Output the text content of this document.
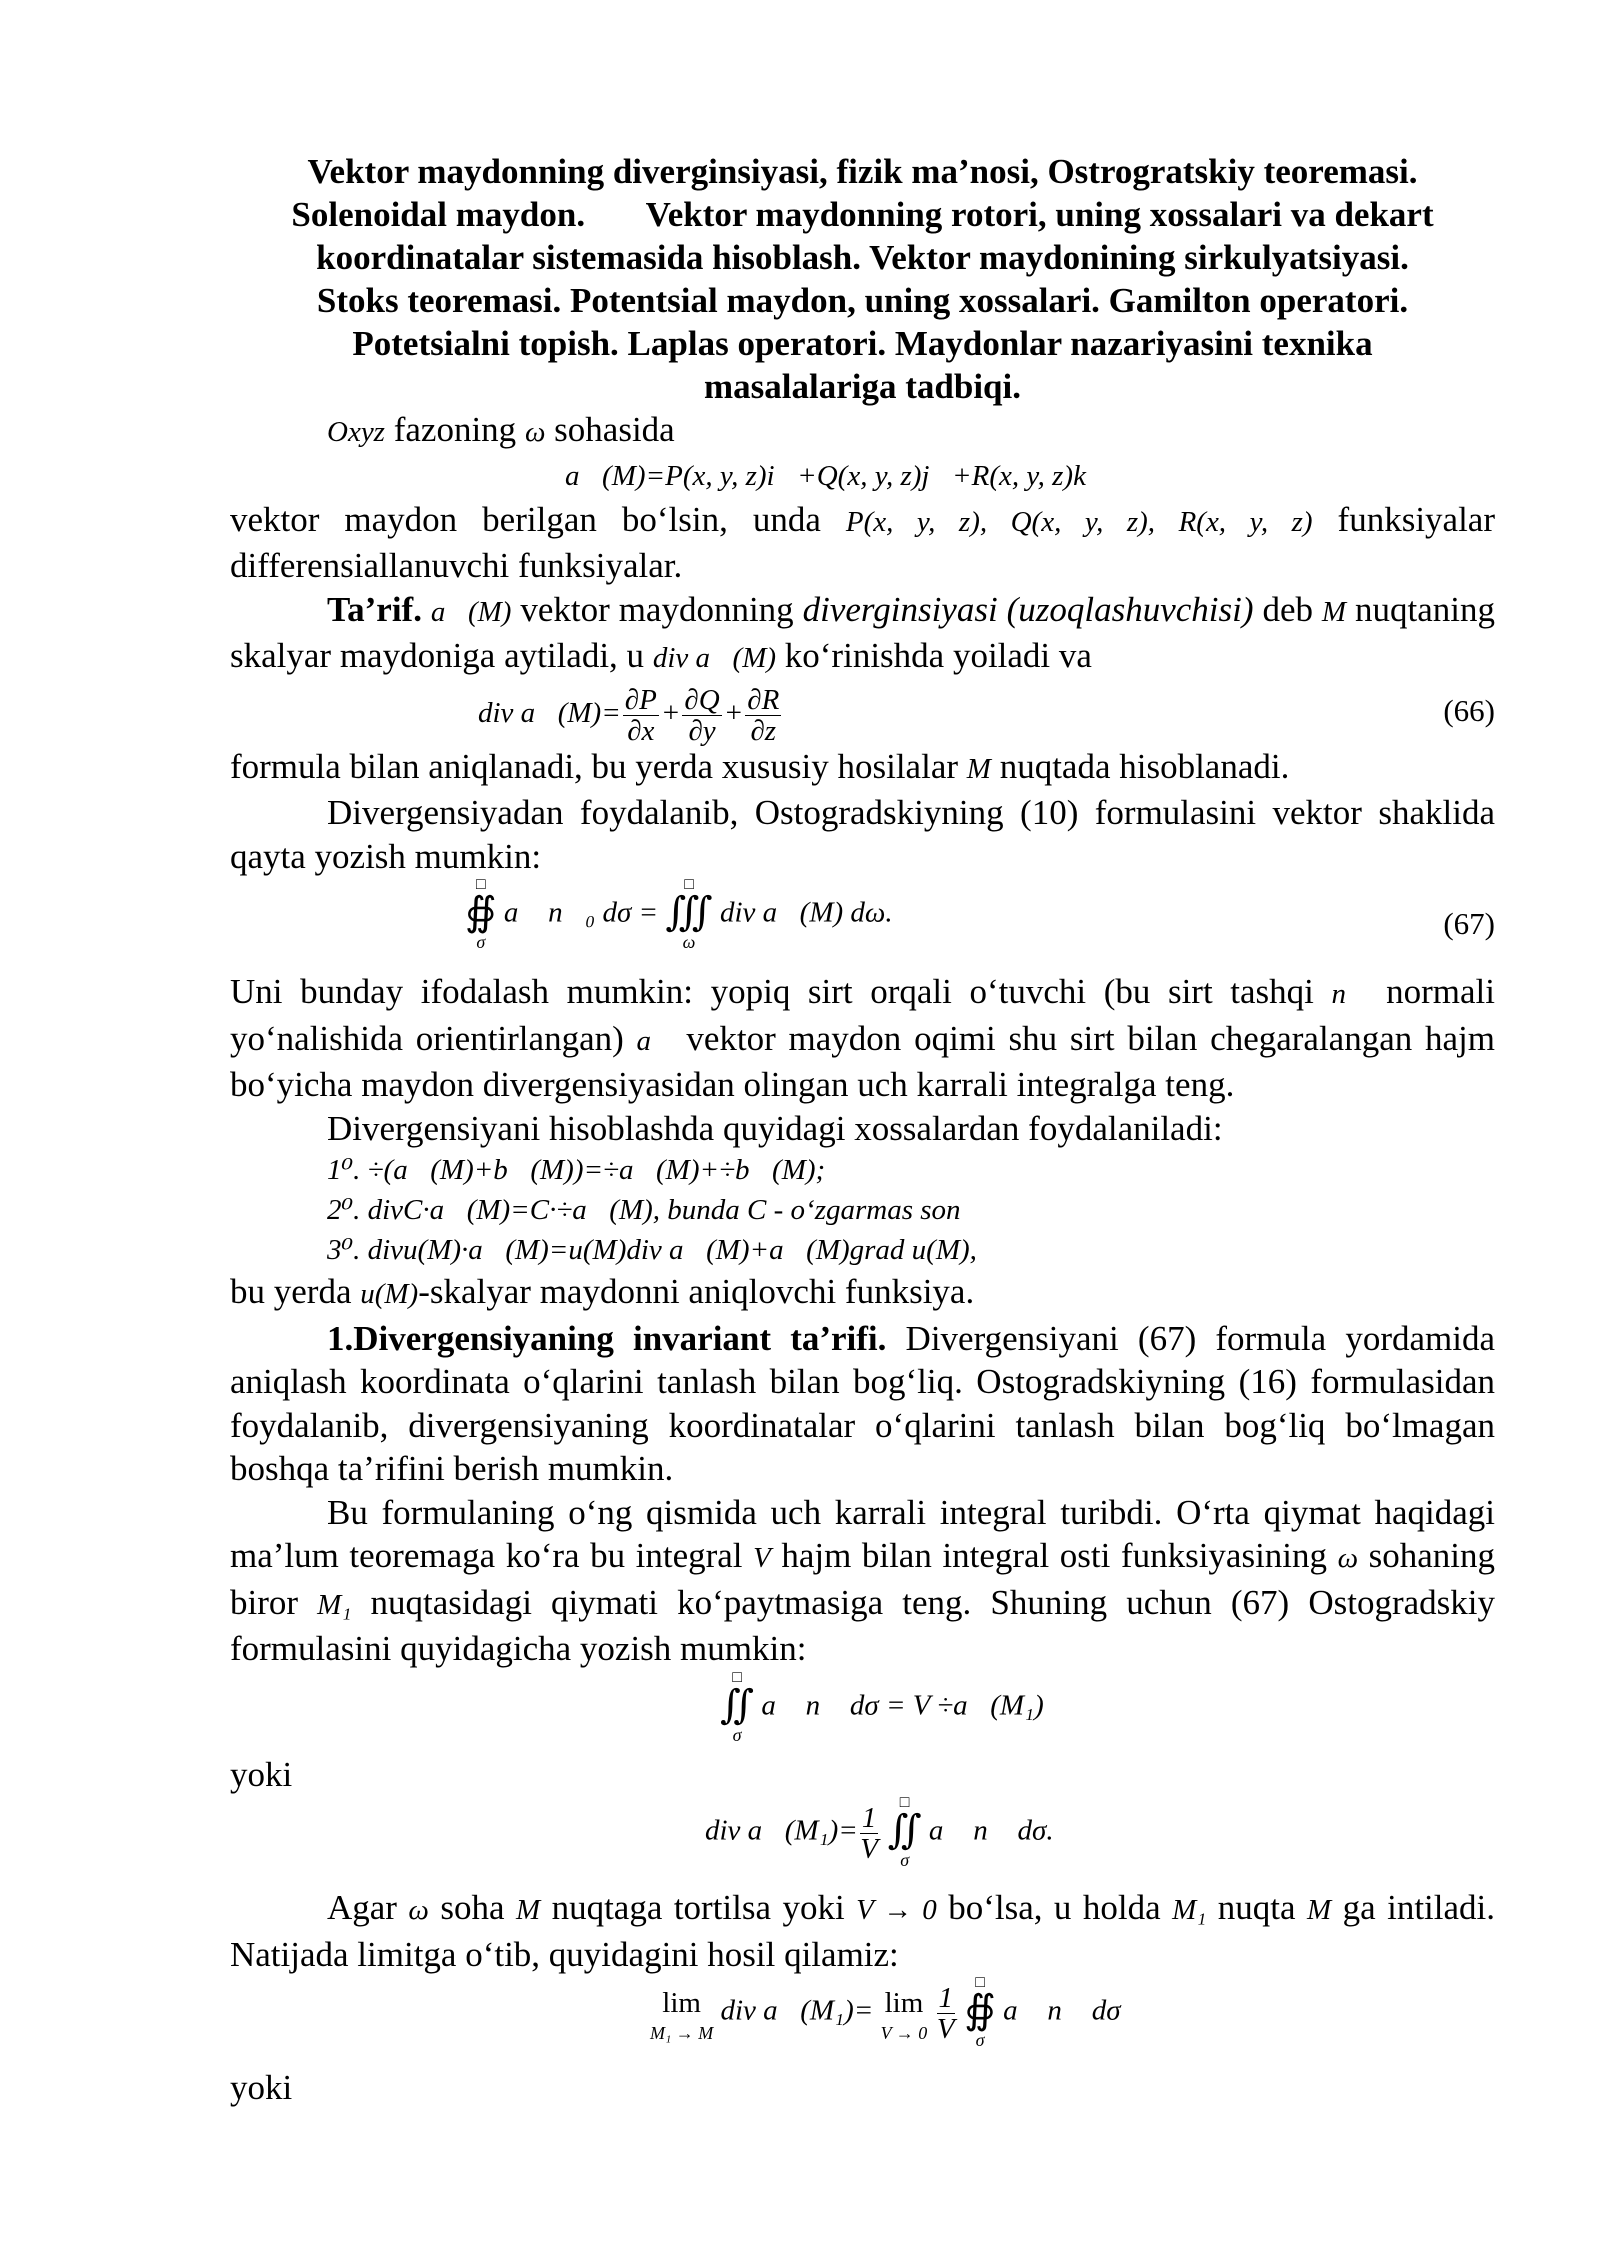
Vektor maydonning diverginsiyasi, fizik ma’nosi, Ostrogratskiy teoremasi.
Solenoidal maydon.       Vektor maydonning rotori, uning xossalari va dekart
koordinatalar sistemasida hisoblash. Vektor maydonining sirkulyatsiyasi.
Stoks teoremasi. Potentsial maydon, uning xossalari. Gamilton operatori.
Potetsialni topish. Laplas operatori. Maydonlar nazariyasini texnika
masalalariga tadbiqi.

Oxyz fazoning ω sohasida

a⃗(M)=P(x, y, z)i⃗+Q(x, y, z)j⃗+R(x, y, z)k⃗

vektor maydon berilgan bo‘lsin, unda P(x, y, z), Q(x, y, z), R(x, y, z) funksiyalar differensiallanuvchi funksiyalar.

Ta’rif. a⃗(M) vektor maydonning diverginsiyasi (uzoqlashuvchisi) deb M nuqtaning skalyar maydoniga aytiladi, u div a⃗(M) ko‘rinishda yoiladi va

div a⃗(M)= $\frac{\partial P}{\partial x} + \frac{\partial Q}{\partial y} + \frac{\partial R}{\partial z}$	(66)

formula bilan aniqlanadi, bu yerda xususiy hosilalar M nuqtada hisoblanadi.

Divergensiyadan foydalanib, Ostogradskiyning (10) formulasini vektor shaklida qayta yozish mumkin:

□
∯
σ
a⃗ n⃗₀ dσ =
□
∭
ω
div a⃗(M) dω.	(67)

Uni bunday ifodalash mumkin: yopiq sirt orqali o‘tuvchi (bu sirt tashqi n⃗ normali yo‘nalishida orientirlangan) a⃗ vektor maydon oqimi shu sirt bilan chegaralangan hajm bo‘yicha maydon divergensiyasidan olingan uch karrali integralga teng.

Divergensiyani hisoblashda quyidagi xossalardan foydalaniladi:

1⁰. ÷(a⃗(M)+b⃗(M))=÷a⃗(M)+÷b⃗(M);
2⁰. divC·a⃗(M)=C·÷a⃗(M), bunda C - o‘zgarmas son
3⁰. divu(M)·a⃗(M)=u(M)div a⃗(M)+a⃗(M)grad u(M),

bu yerda u(M)-skalyar maydonni aniqlovchi funksiya.

1.Divergensiyaning invariant ta’rifi. Divergensiyani (67) formula yordamida aniqlash koordinata o‘qlarini tanlash bilan bog‘liq. Ostogradskiyning (16) formulasidan foydalanib, divergensiyaning koordinatalar o‘qlarini tanlash bilan bog‘liq bo‘lmagan boshqa ta’rifini berish mumkin.

Bu formulaning o‘ng qismida uch karrali integral turibdi. O‘rta qiymat haqidagi ma’lum teoremaga ko‘ra bu integral V hajm bilan integral osti funksiyasining ω sohaning biror M₁ nuqtasidagi qiymati ko‘paytmasiga teng. Shuning uchun (67) Ostogradskiy formulasini quyidagicha yozish mumkin:

□
∬
σ
a⃗ n⃗ dσ = V ÷a⃗(M₁)

yoki

div a⃗(M₁)= $\frac{1}{V}$
	□
∬
σ
a⃗ n⃗ dσ.

Agar ω soha M nuqtaga tortilsa yoki V → 0 bo‘lsa, u holda M₁ nuqta M ga intiladi. Natijada limitga o‘tib, quyidagini hosil qilamiz:

lim
M₁ → M
div a⃗(M₁)= lim
V → 0
$\frac{1}{V}$
	□
∯
σ
a⃗ n⃗ dσ

yoki
